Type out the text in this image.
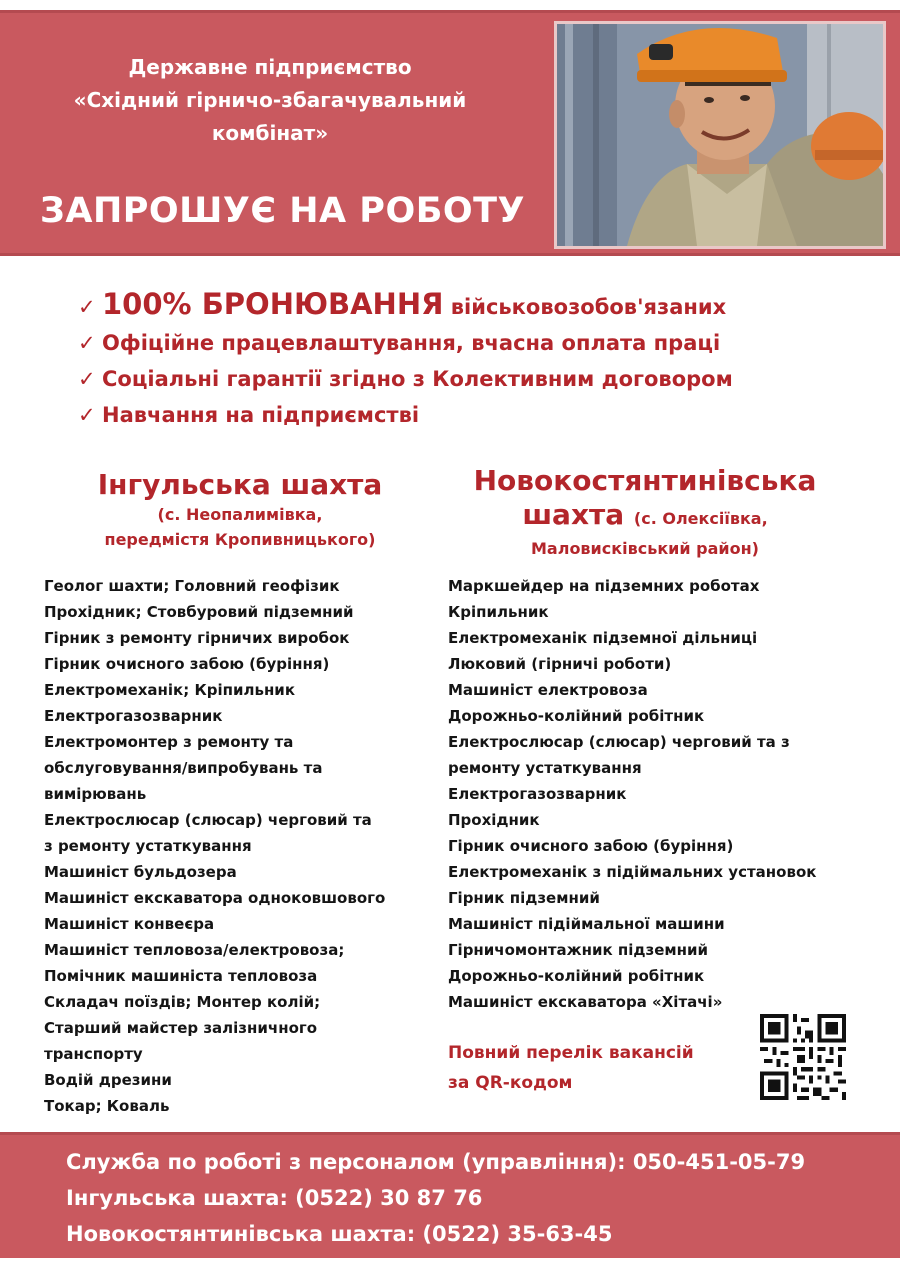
Державне підприємство
«Східний гірничо-збагачувальний
комбінат»
ЗАПРОШУЄ НА РОБОТУ
✓ 100% БРОНЮВАННЯ військовозобов'язаних
✓ Офіційне працевлаштування, вчасна оплата праці
✓ Соціальні гарантії згідно з Колективним договором
✓ Навчання на підприємстві
Інгульська шахта
(с. Неопалимівка,
передмістя Кропивницького)
Новокостянтинівська
шахта (с. Олексіївка,
Маловисківський район)
Геолог шахти; Головний геофізик
Прохідник; Стовбуровий підземний
Гірник з ремонту гірничих виробок
Гірник очисного забою (буріння)
Електромеханік; Кріпильник
Електрогазозварник
Електромонтер з ремонту та
обслуговування/випробувань та
вимірювань
Електрослюсар (слюсар) черговий та
з ремонту устаткування
Машиніст бульдозера
Машиніст екскаватора одноковшового
Машиніст конвеєра
Машиніст тепловоза/електровоза;
Помічник машиніста тепловоза
Складач поїздів; Монтер колій;
Старший майстер залізничного
транспорту
Водій дрезини
Токар; Коваль
Маркшейдер на підземних роботах
Кріпильник
Електромеханік підземної дільниці
Люковий (гірничі роботи)
Машиніст електровоза
Дорожньо-колійний робітник
Електрослюсар (слюсар) черговий та з
ремонту устаткування
Електрогазозварник
Прохідник
Гірник очисного забою (буріння)
Електромеханік з підіймальних установок
Гірник підземний
Машиніст підіймальної машини
Гірничомонтажник підземний
Дорожньо-колійний робітник
Машиніст екскаватора «Хітачі»
Повний перелік вакансій
за QR-кодом
Служба по роботі з персоналом (управління): 050-451-05-79
Інгульська шахта: (0522) 30 87 76
Новокостянтинівська шахта: (0522) 35-63-45
